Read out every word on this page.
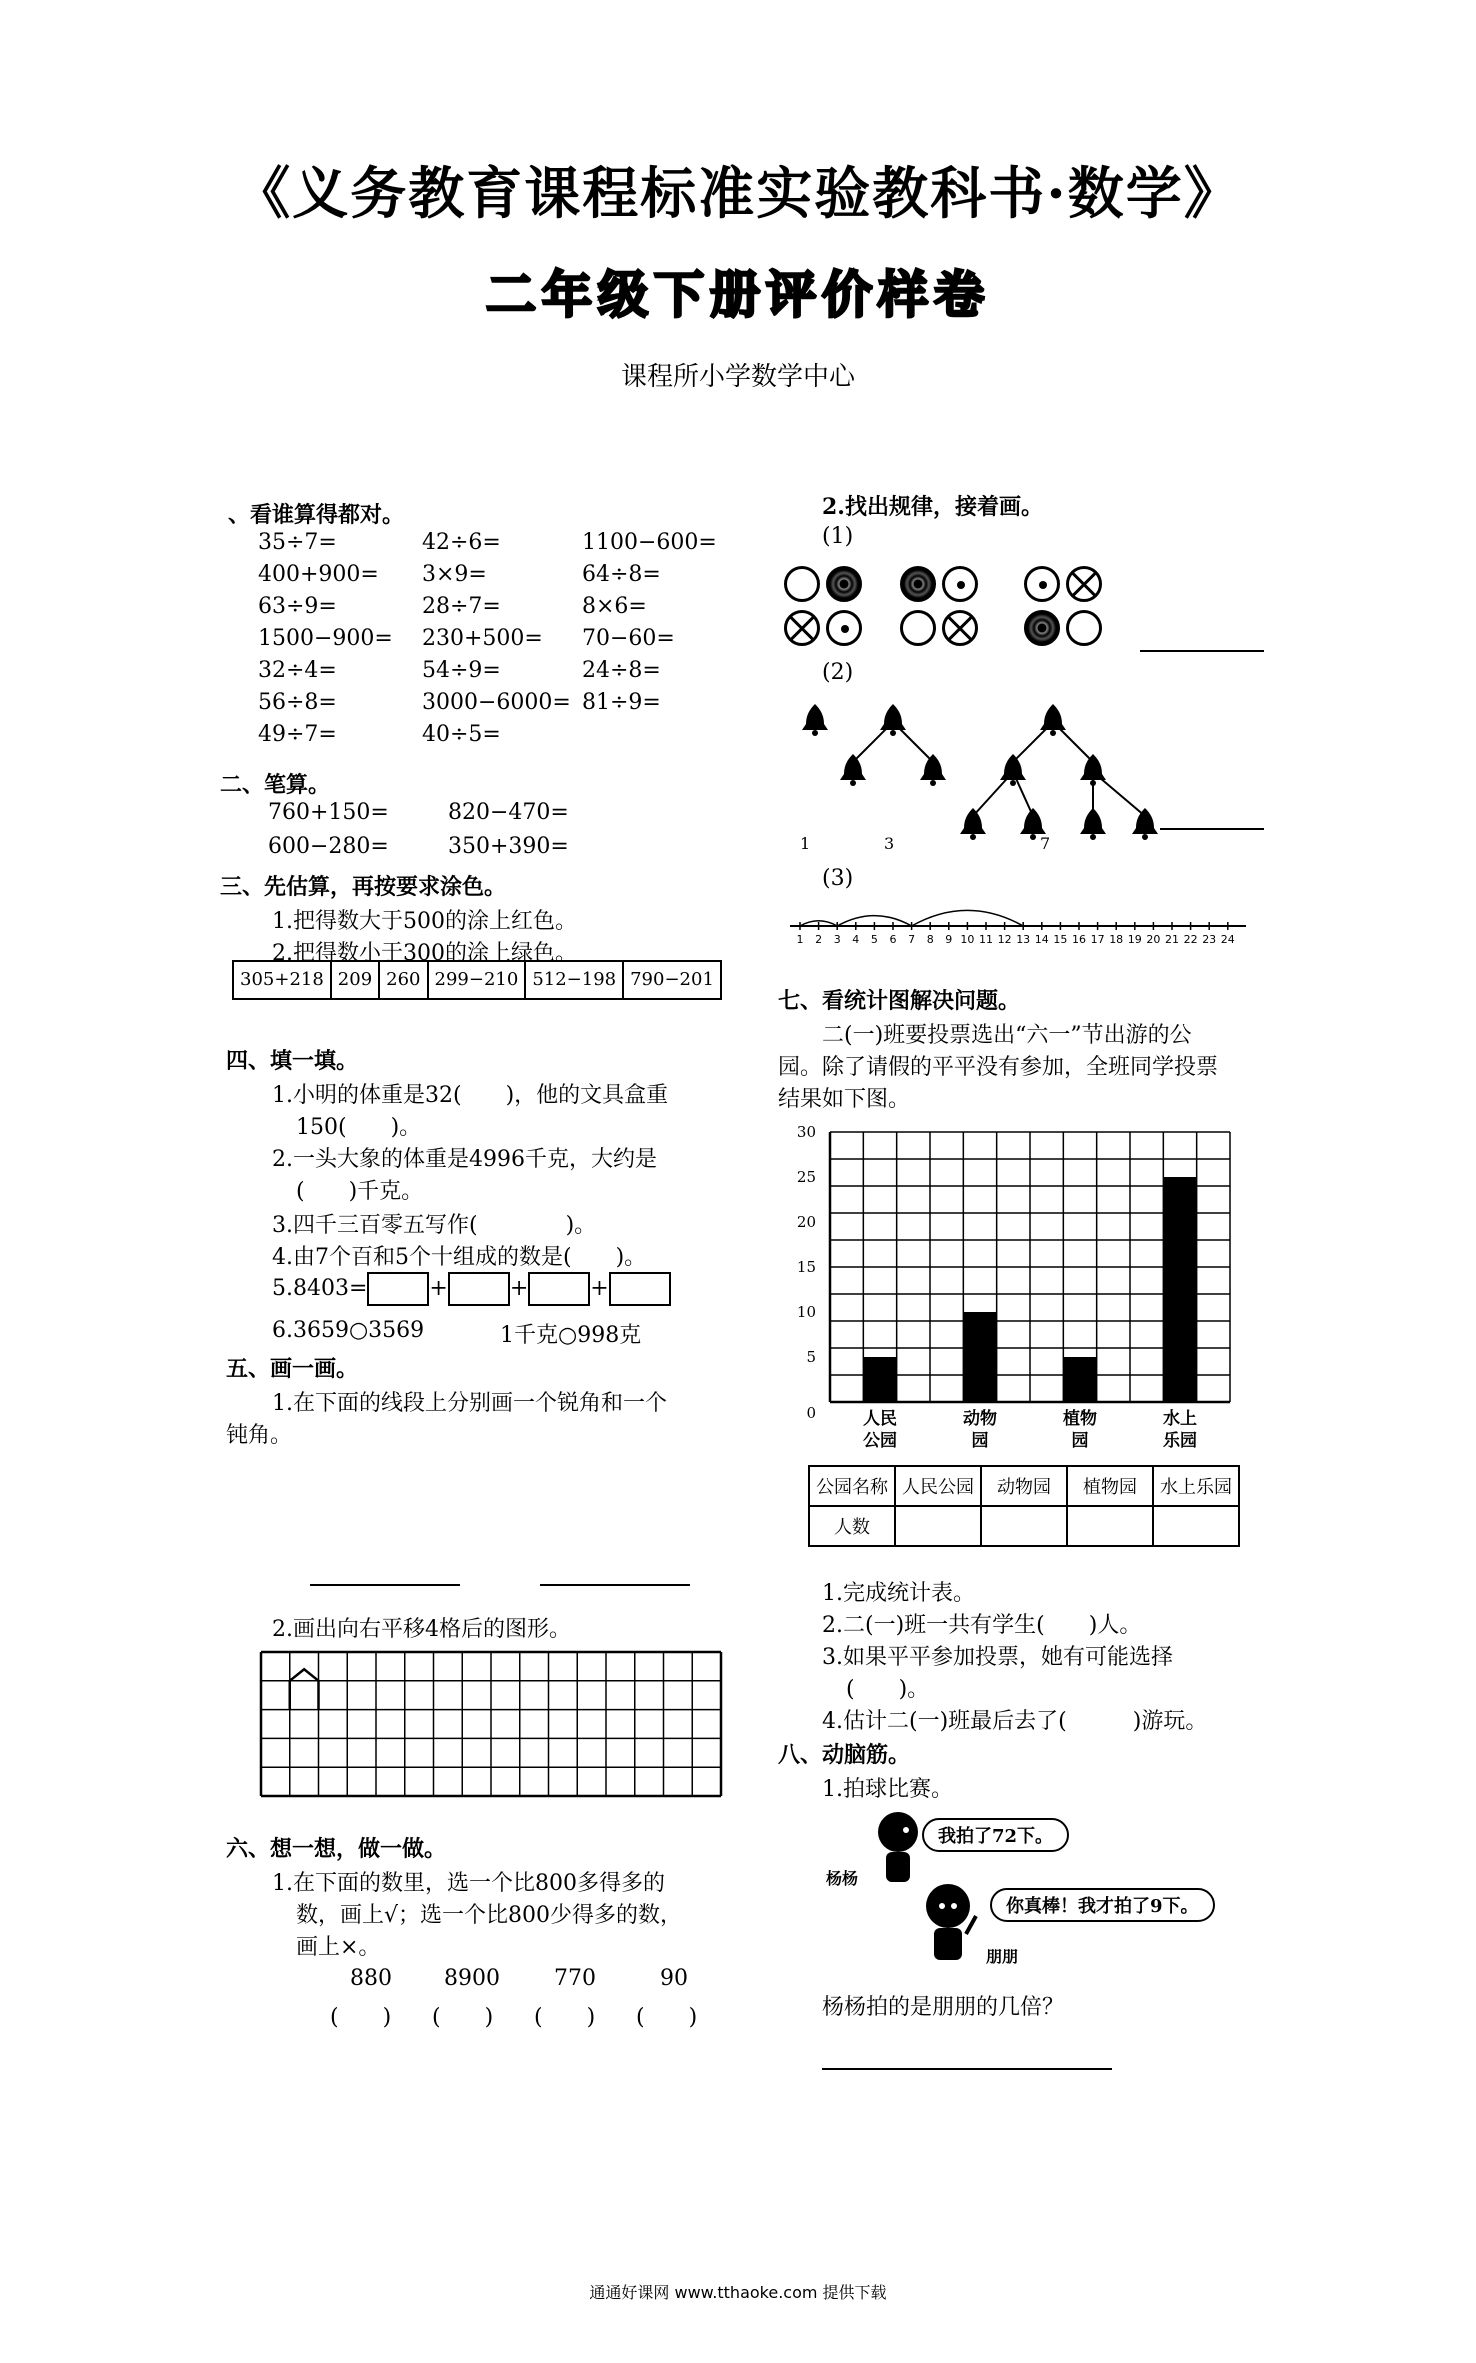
《义务教育课程标准实验教科书·数学》
二年级下册评价样卷
课程所小学数学中心
、看谁算得都对。
35÷7=	42÷6=	1100−600=
400+900= 3×9=	64÷8=
63÷9=	28÷7=	8×6=
1500−900= 230+500= 70−60=
32÷4=	54÷9=	24÷8=
56÷8=	3000−6000= 81÷9=
49÷7=	40÷5=
二、笔算。
760+150=	820−470=
600−280=	350+390=
三、先估算，再按要求涂色。
1.把得数大于500的涂上红色。
2.把得数小于300的涂上绿色。
305+218 209 260 299−210 512−198 790−201
四、填一填。
1.小明的体重是32(　　)，他的文具盒重
150(　　)。
2.一头大象的体重是4996千克，大约是
(　　)千克。
3.四千三百零五写作(　　　　)。
4.由7个百和5个十组成的数是(　　)。
5.8403=	+	+	+
6.3659○3569	1千克○998克
五、画一画。
1.在下面的线段上分别画一个锐角和一个
钝角。
2.画出向右平移4格后的图形。
六、想一想，做一做。
1.在下面的数里，选一个比800多得多的
数，画上√；选一个比800少得多的数，
画上×。
880 8900 770	90
(　　) (　　) (　　) (　　)
2.找出规律，接着画。
(1)
(2)
1	3	7
(3)
1 2 3 4 5 6 7 8 9 10 11 12 13 14 15 16 17 18 19 20 21 22 23 24
七、看统计图解决问题。
二(一)班要投票选出“六一”节出游的公
园。除了请假的平平没有参加，全班同学投票
结果如下图。
30
25
20
15
10
5
0	人民
公园
动物
园
植物
园
水上
乐园
公园名称	人民公园	动物园	植物园	水上乐园
人数				
1.完成统计表。
2.二(一)班一共有学生(　　)人。
3.如果平平参加投票，她有可能选择
(　　)。
4.估计二(一)班最后去了(　　　)游玩。
八、动脑筋。
1.拍球比赛。
杨杨
我拍了72下。
朋朋
你真棒！我才拍了9下。
杨杨拍的是朋朋的几倍？
通通好课网 www.tthaoke.com 提供下载
